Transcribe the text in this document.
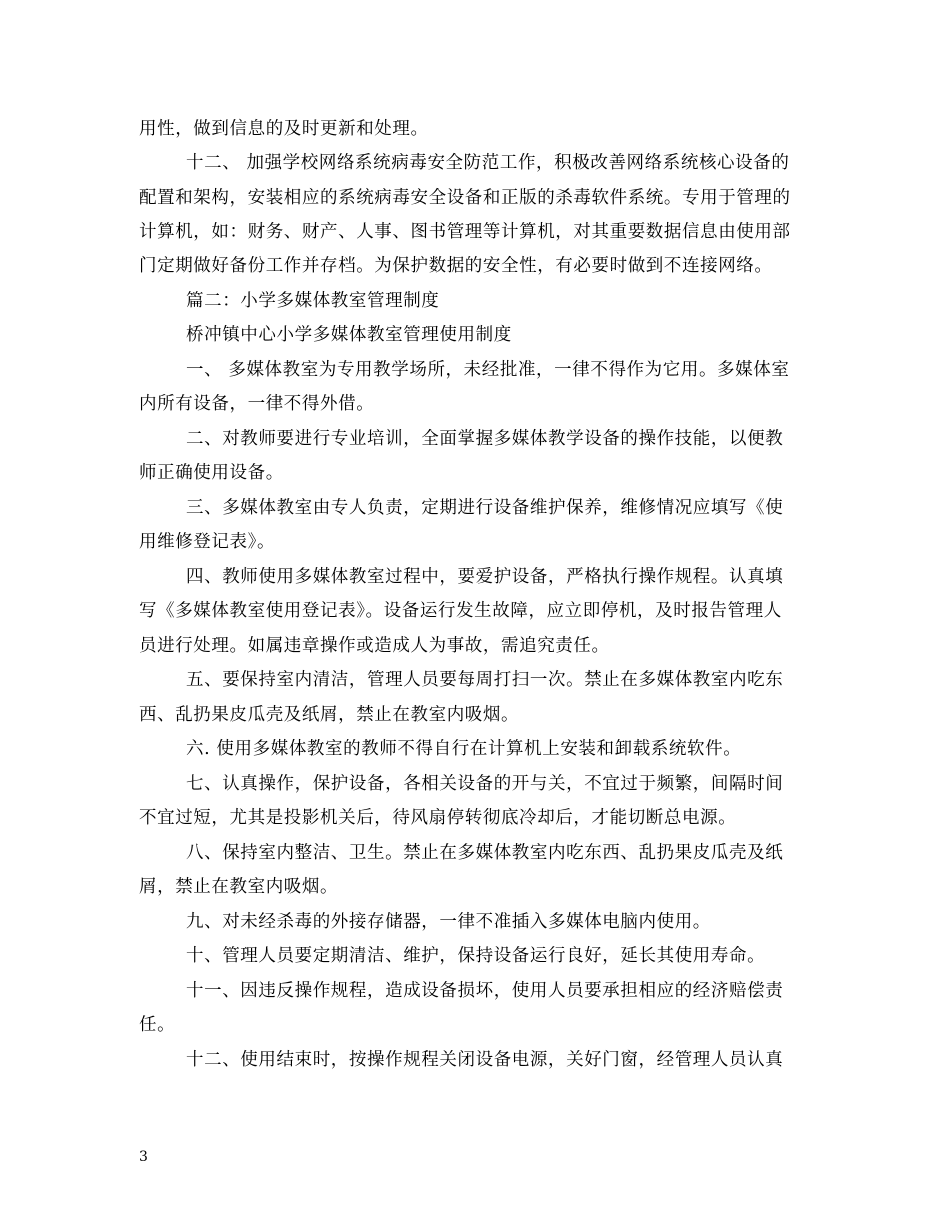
用性，做到信息的及时更新和处理。
十二、 加强学校网络系统病毒安全防范工作，积极改善网络系统核心设备的
配置和架构，安装相应的系统病毒安全设备和正版的杀毒软件系统。专用于管理的
计算机，如：财务、财产、人事、图书管理等计算机，对其重要数据信息由使用部
门定期做好备份工作并存档。为保护数据的安全性，有必要时做到不连接网络。
篇二：小学多媒体教室管理制度
桥冲镇中心小学多媒体教室管理使用制度
一、 多媒体教室为专用教学场所，未经批准，一律不得作为它用。多媒体室
内所有设备，一律不得外借。
二、对教师要进行专业培训，全面掌握多媒体教学设备的操作技能，以便教
师正确使用设备。
三、多媒体教室由专人负责，定期进行设备维护保养，维修情况应填写《使
用维修登记表》。
四、教师使用多媒体教室过程中，要爱护设备，严格执行操作规程。认真填
写《多媒体教室使用登记表》。设备运行发生故障，应立即停机，及时报告管理人
员进行处理。如属违章操作或造成人为事故，需追究责任。
五、要保持室内清洁，管理人员要每周打扫一次。禁止在多媒体教室内吃东
西、乱扔果皮瓜壳及纸屑，禁止在教室内吸烟。
六. 使用多媒体教室的教师不得自行在计算机上安装和卸载系统软件。
七、认真操作，保护设备，各相关设备的开与关，不宜过于频繁，间隔时间
不宜过短，尤其是投影机关后，待风扇停转彻底冷却后，才能切断总电源。
八、保持室内整洁、卫生。禁止在多媒体教室内吃东西、乱扔果皮瓜壳及纸
屑，禁止在教室内吸烟。
九、对未经杀毒的外接存储器，一律不准插入多媒体电脑内使用。
十、管理人员要定期清洁、维护，保持设备运行良好，延长其使用寿命。
十一、因违反操作规程，造成设备损坏，使用人员要承担相应的经济赔偿责
任。
十二、使用结束时，按操作规程关闭设备电源，关好门窗，经管理人员认真
3
